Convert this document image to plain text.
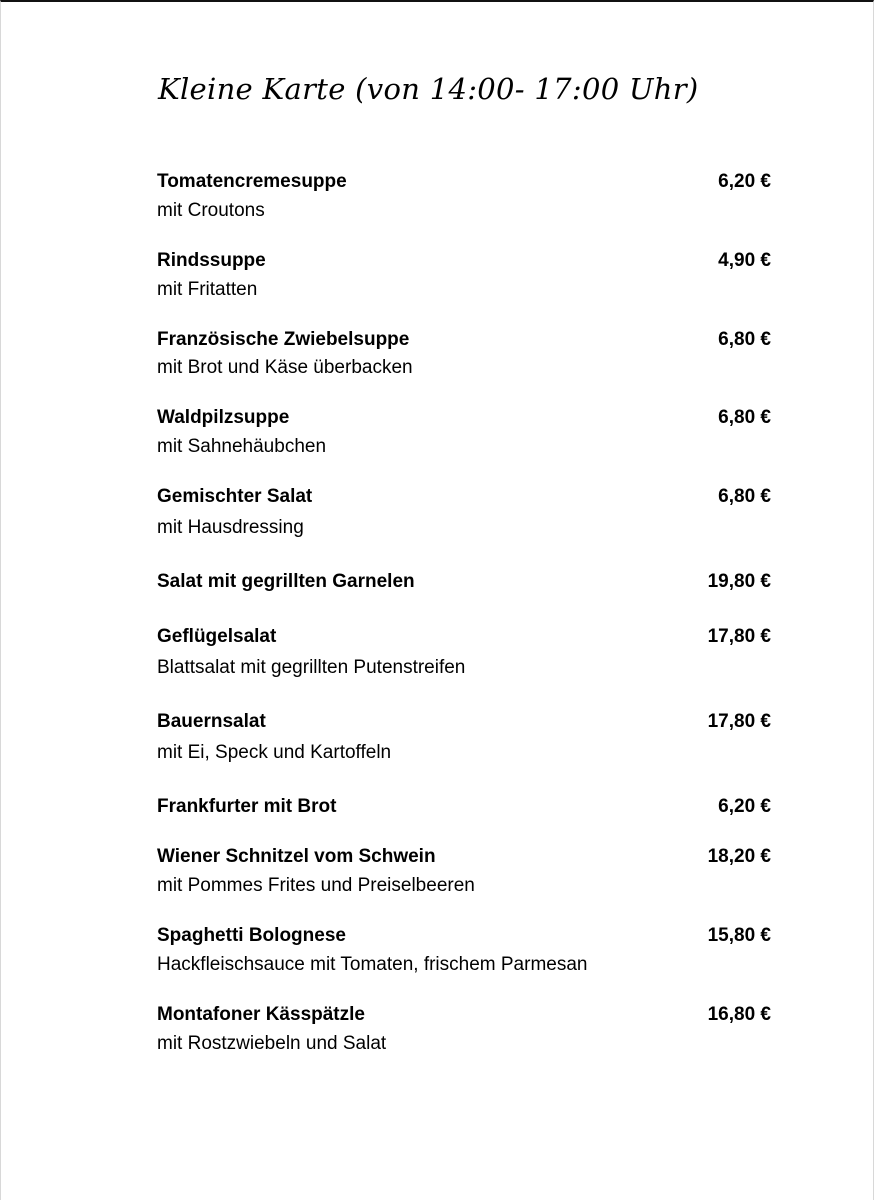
Kleine Karte (von 14:00- 17:00 Uhr)
Tomatencremesuppe	6,20 €
mit Croutons
Rindssuppe	4,90 €
mit Fritatten
Französische Zwiebelsuppe	6,80 €
mit Brot und Käse überbacken
Waldpilzsuppe	6,80 €
mit Sahnehäubchen
Gemischter Salat	6,80 €
mit Hausdressing
Salat mit gegrillten Garnelen	19,80 €
Geflügelsalat	17,80 €
Blattsalat mit gegrillten Putenstreifen
Bauernsalat	17,80 €
mit Ei, Speck und Kartoffeln
Frankfurter mit Brot	6,20 €
Wiener Schnitzel vom Schwein	18,20 €
mit Pommes Frites und Preiselbeeren
Spaghetti Bolognese	15,80 €
Hackfleischsauce mit Tomaten, frischem Parmesan
Montafoner Kässpätzle	16,80 €
mit Rostzwiebeln und Salat
